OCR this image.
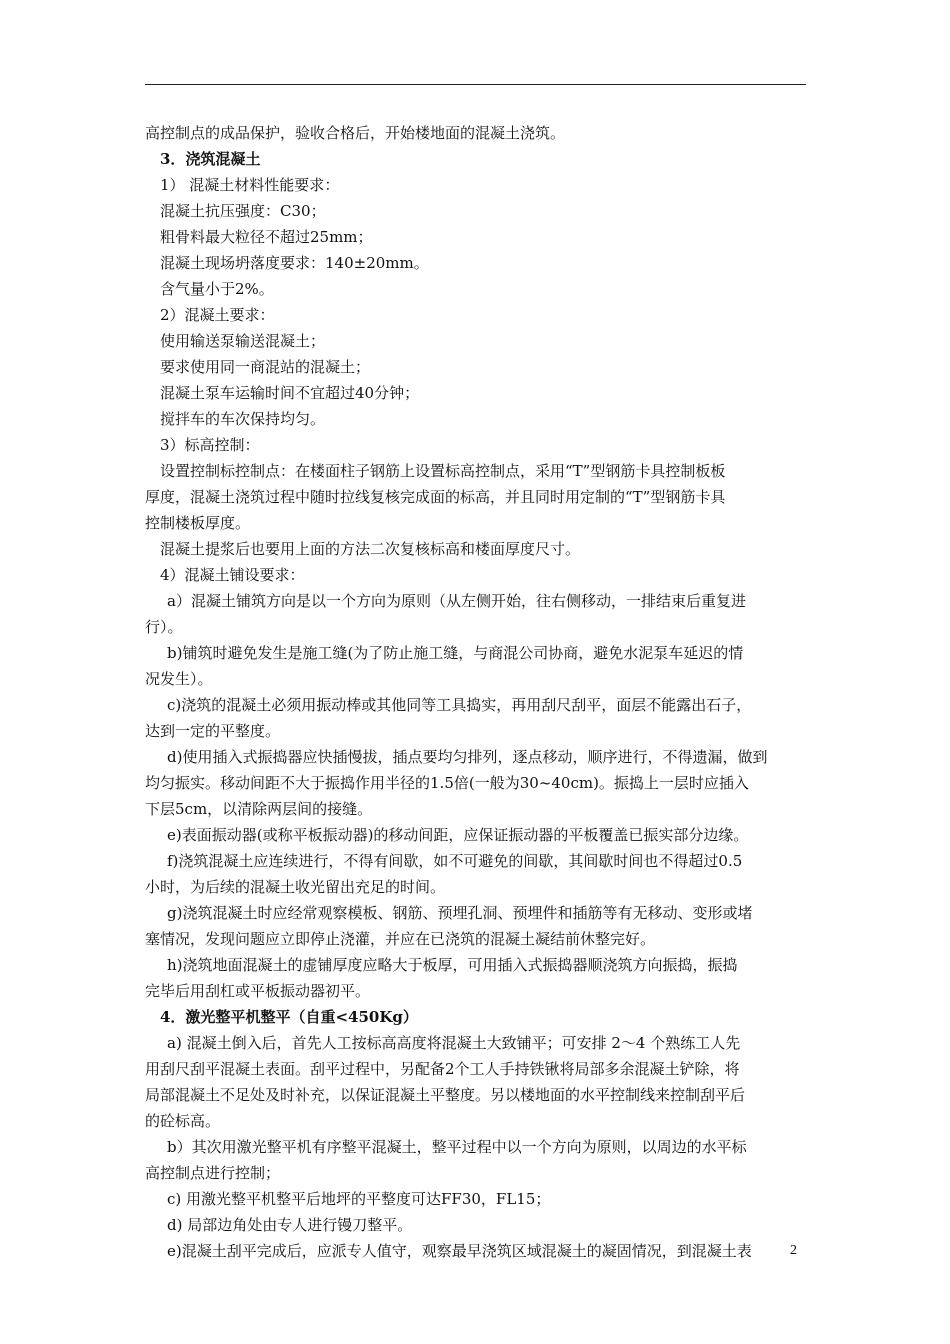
高控制点的成品保护，验收合格后，开始楼地面的混凝土浇筑。
3．浇筑混凝土
1） 混凝土材料性能要求：
混凝土抗压强度：C30；
粗骨料最大粒径不超过25mm；
混凝土现场坍落度要求：140±20mm。
含气量小于2%。
2）混凝土要求：
使用输送泵输送混凝土；
要求使用同一商混站的混凝土；
混凝土泵车运输时间不宜超过40分钟；
搅拌车的车次保持均匀。
3）标高控制：
设置控制标控制点：在楼面柱子钢筋上设置标高控制点，采用“T”型钢筋卡具控制板板
厚度，混凝土浇筑过程中随时拉线复核完成面的标高，并且同时用定制的“T”型钢筋卡具
控制楼板厚度。
混凝土提浆后也要用上面的方法二次复核标高和楼面厚度尺寸。
4）混凝土铺设要求：
a）混凝土铺筑方向是以一个方向为原则（从左侧开始，往右侧移动，一排结束后重复进
行）。
b)铺筑时避免发生是施工缝(为了防止施工缝，与商混公司协商，避免水泥泵车延迟的情
况发生）。
c)浇筑的混凝土必须用振动棒或其他同等工具捣实，再用刮尺刮平，面层不能露出石子，
达到一定的平整度。
d)使用插入式振捣器应快插慢拔，插点要均匀排列，逐点移动，顺序进行，不得遗漏，做到
均匀振实。移动间距不大于振捣作用半径的1.5倍(一般为30~40cm)。振捣上一层时应插入
下层5cm，以清除两层间的接缝。
e)表面振动器(或称平板振动器)的移动间距，应保证振动器的平板覆盖已振实部分边缘。
f)浇筑混凝土应连续进行，不得有间歇，如不可避免的间歇，其间歇时间也不得超过0.5
小时，为后续的混凝土收光留出充足的时间。
g)浇筑混凝土时应经常观察模板、钢筋、预埋孔洞、预埋件和插筋等有无移动、变形或堵
塞情况，发现问题应立即停止浇灌，并应在已浇筑的混凝土凝结前休整完好。
h)浇筑地面混凝土的虚铺厚度应略大于板厚，可用插入式振捣器顺浇筑方向振捣，振捣
完毕后用刮杠或平板振动器初平。
4．激光整平机整平（自重<450Kg）
a) 混凝土倒入后，首先人工按标高高度将混凝土大致铺平；可安排 2～4 个熟练工人先
用刮尺刮平混凝土表面。刮平过程中，另配备2个工人手持铁锹将局部多余混凝土铲除，将
局部混凝土不足处及时补充，以保证混凝土平整度。另以楼地面的水平控制线来控制刮平后
的砼标高。
b）其次用激光整平机有序整平混凝土，整平过程中以一个方向为原则，以周边的水平标
高控制点进行控制；
c) 用激光整平机整平后地坪的平整度可达FF30，FL15；
d) 局部边角处由专人进行镘刀整平。
e)混凝土刮平完成后，应派专人值守，观察最早浇筑区域混凝土的凝固情况，到混凝土表	2
